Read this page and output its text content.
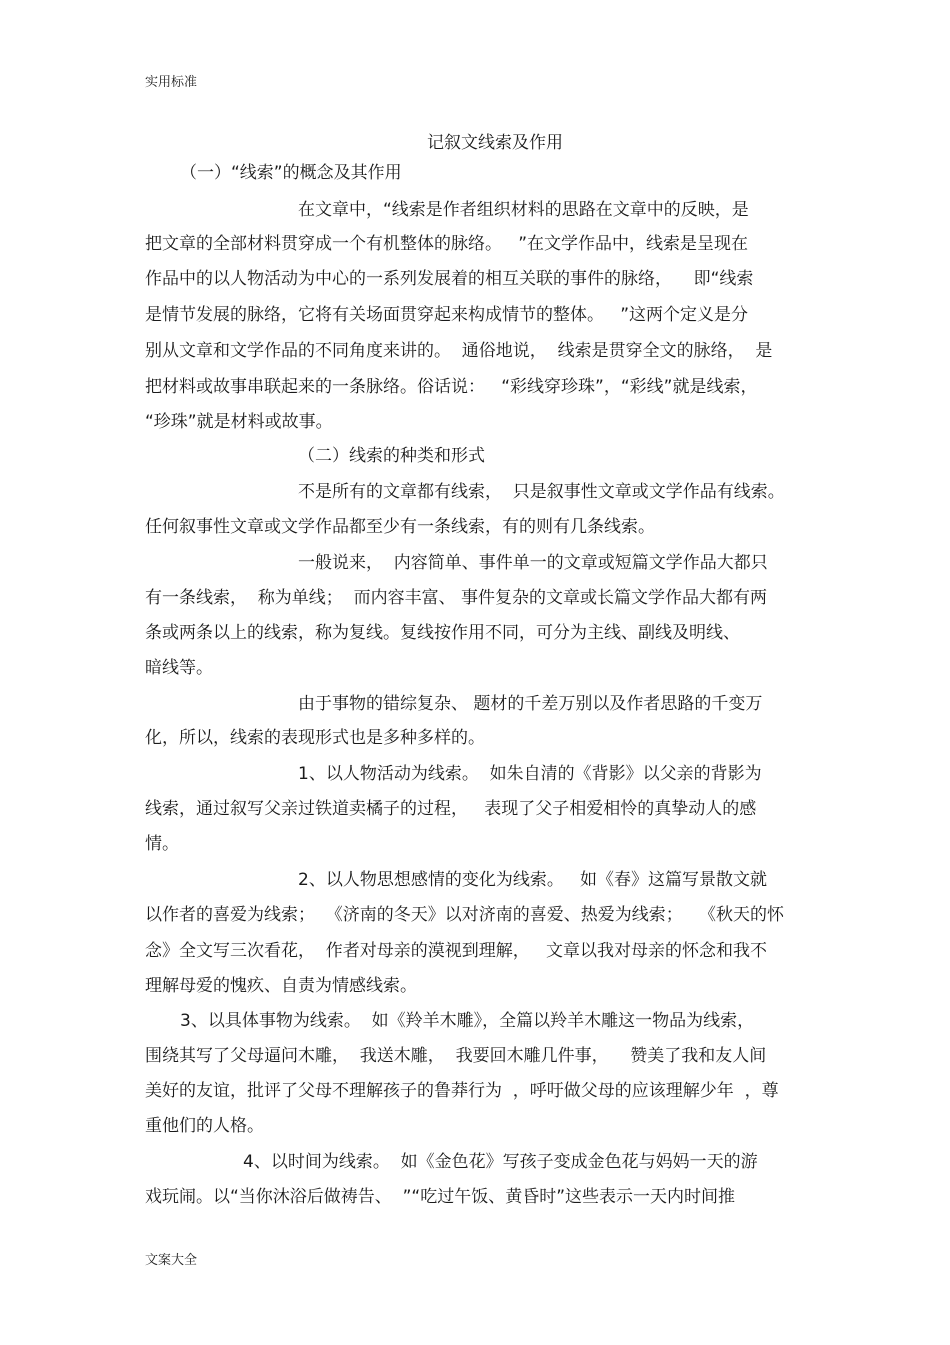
实用标准
记叙文线索及作用
（一）“线索”的概念及其作用
在文章中，“线索是作者组织材料的思路在文章中的反映，是
把文章的全部材料贯穿成一个有机整体的脉络。   ”在文学作品中，线索是呈现在
作品中的以人物活动为中心的一系列发展着的相互关联的事件的脉络，    即“线索
是情节发展的脉络，它将有关场面贯穿起来构成情节的整体。   ”这两个定义是分
别从文章和文学作品的不同角度来讲的。  通俗地说，  线索是贯穿全文的脉络，  是
把材料或故事串联起来的一条脉络。俗话说：   “彩线穿珍珠”，“彩线”就是线索，
“珍珠”就是材料或故事。
（二）线索的种类和形式
不是所有的文章都有线索，  只是叙事性文章或文学作品有线索。
任何叙事性文章或文学作品都至少有一条线索，有的则有几条线索。
一般说来，  内容简单、事件单一的文章或短篇文学作品大都只
有一条线索，  称为单线；  而内容丰富、 事件复杂的文章或长篇文学作品大都有两
条或两条以上的线索，称为复线。复线按作用不同，可分为主线、副线及明线、
暗线等。
由于事物的错综复杂、 题材的千差万别以及作者思路的千变万
化，所以，线索的表现形式也是多种多样的。
1、以人物活动为线索。  如朱自清的《背影》以父亲的背影为
线索，通过叙写父亲过铁道卖橘子的过程，   表现了父子相爱相怜的真挚动人的感
情。
2、以人物思想感情的变化为线索。   如《春》这篇写景散文就
以作者的喜爱为线索；  《济南的冬天》以对济南的喜爱、热爱为线索；   《秋天的怀
念》全文写三次看花，  作者对母亲的漠视到理解，   文章以我对母亲的怀念和我不
理解母爱的愧疚、自责为情感线索。
3、以具体事物为线索。  如《羚羊木雕》，全篇以羚羊木雕这一物品为线索，
围绕其写了父母逼问木雕，  我送木雕，  我要回木雕几件事，    赞美了我和友人间
美好的友谊，批评了父母不理解孩子的鲁莽行为  ，呼吁做父母的应该理解少年  ，尊
重他们的人格。
4、以时间为线索。  如《金色花》写孩子变成金色花与妈妈一天的游
戏玩闹。以“当你沐浴后做祷告、  ”“吃过午饭、黄昏时”这些表示一天内时间推
文案大全
